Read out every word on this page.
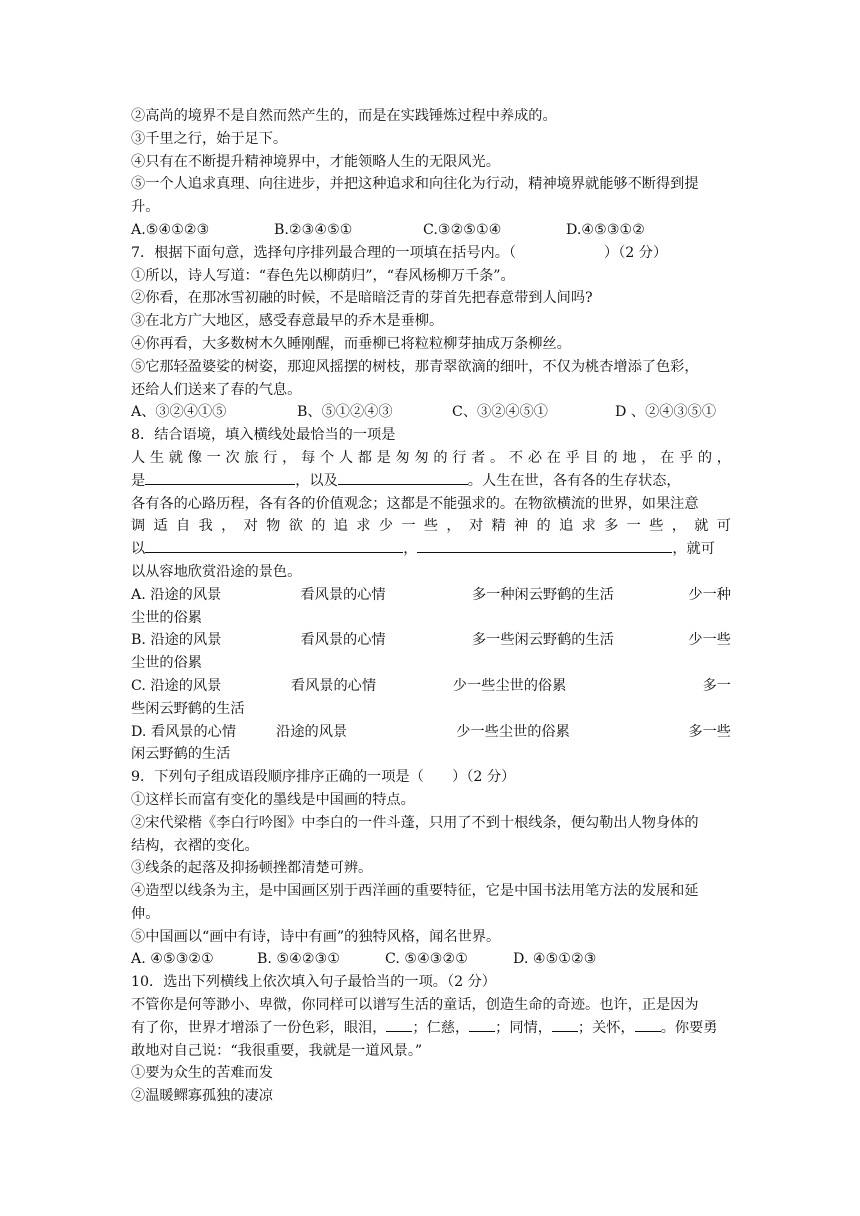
②高尚的境界不是自然而然产生的，而是在实践锤炼过程中养成的。
③千里之行，始于足下。
④只有在不断提升精神境界中，才能领略人生的无限风光。
⑤一个人追求真理、向往进步，并把这种追求和向往化为行动，精神境界就能够不断得到提
升。
A.⑤④①②③	B.②③④⑤①	C.③②⑤①④	D.④⑤③①②
7．根据下面句意，选择句序排列最合理的一项填在括号内。（	）（2 分）
①所以，诗人写道：“春色先以柳荫归”，“春风杨柳万千条”。
②你看，在那冰雪初融的时候，不是暗暗泛青的芽首先把春意带到人间吗?
③在北方广大地区，感受春意最早的乔木是垂柳。
④你再看，大多数树木久睡刚醒，而垂柳已将粒粒柳芽抽成万条柳丝。
⑤它那轻盈婆娑的树姿，那迎风摇摆的树枝，那青翠欲滴的细叶，不仅为桃杏增添了色彩，
还给人们送来了春的气息。
A、③②④①⑤	B、⑤①②④③	C、③②④⑤①	D 、②④③⑤①
8．结合语境，填入横线处最恰当的一项是
人生就像一次旅行，每个人都是匆匆的行者。不必在乎目的地，在乎的，
是	，以及	。人生在世，各有各的生存状态，
各有各的心路历程，各有各的价值观念；这都是不能强求的。在物欲横流的世界，如果注意
调适自我，对物欲的追求少一些，对精神的追求多一些，就可
以	，	，就可
以从容地欣赏沿途的景色。
A. 沿途的风景	看风景的心情	多一种闲云野鹤的生活	少一种
尘世的俗累
B. 沿途的风景	看风景的心情	多一些闲云野鹤的生活	少一些
尘世的俗累
C. 沿途的风景	看风景的心情	少一些尘世的俗累	多一
些闲云野鹤的生活
D. 看风景的心情	沿途的风景	少一些尘世的俗累	多一些
闲云野鹤的生活
9．下列句子组成语段顺序排序正确的一项是（　　）（2 分）
①这样长而富有变化的墨线是中国画的特点。
②宋代梁楷《李白行吟图》中李白的一件斗蓬，只用了不到十根线条，便勾勒出人物身体的
结构，衣褶的变化。
③线条的起落及抑扬顿挫都清楚可辨。
④造型以线条为主，是中国画区别于西洋画的重要特征，它是中国书法用笔方法的发展和延
伸。
⑤中国画以“画中有诗，诗中有画”的独特风格，闻名世界。
A. ④⑤③②①	B. ⑤④②③①	C. ⑤④③②①	D. ④⑤①②③
10．选出下列横线上依次填入句子最恰当的一项。（2 分）
不管你是何等渺小、卑微，你同样可以谱写生活的童话，创造生命的奇迹。也许，正是因为
有了你，世界才增添了一份色彩，眼泪， ；仁慈， ；同情， ；关怀， 。你要勇
敢地对自己说：“我很重要，我就是一道风景。”
①要为众生的苦难而发
②温暖鳏寡孤独的凄凉
